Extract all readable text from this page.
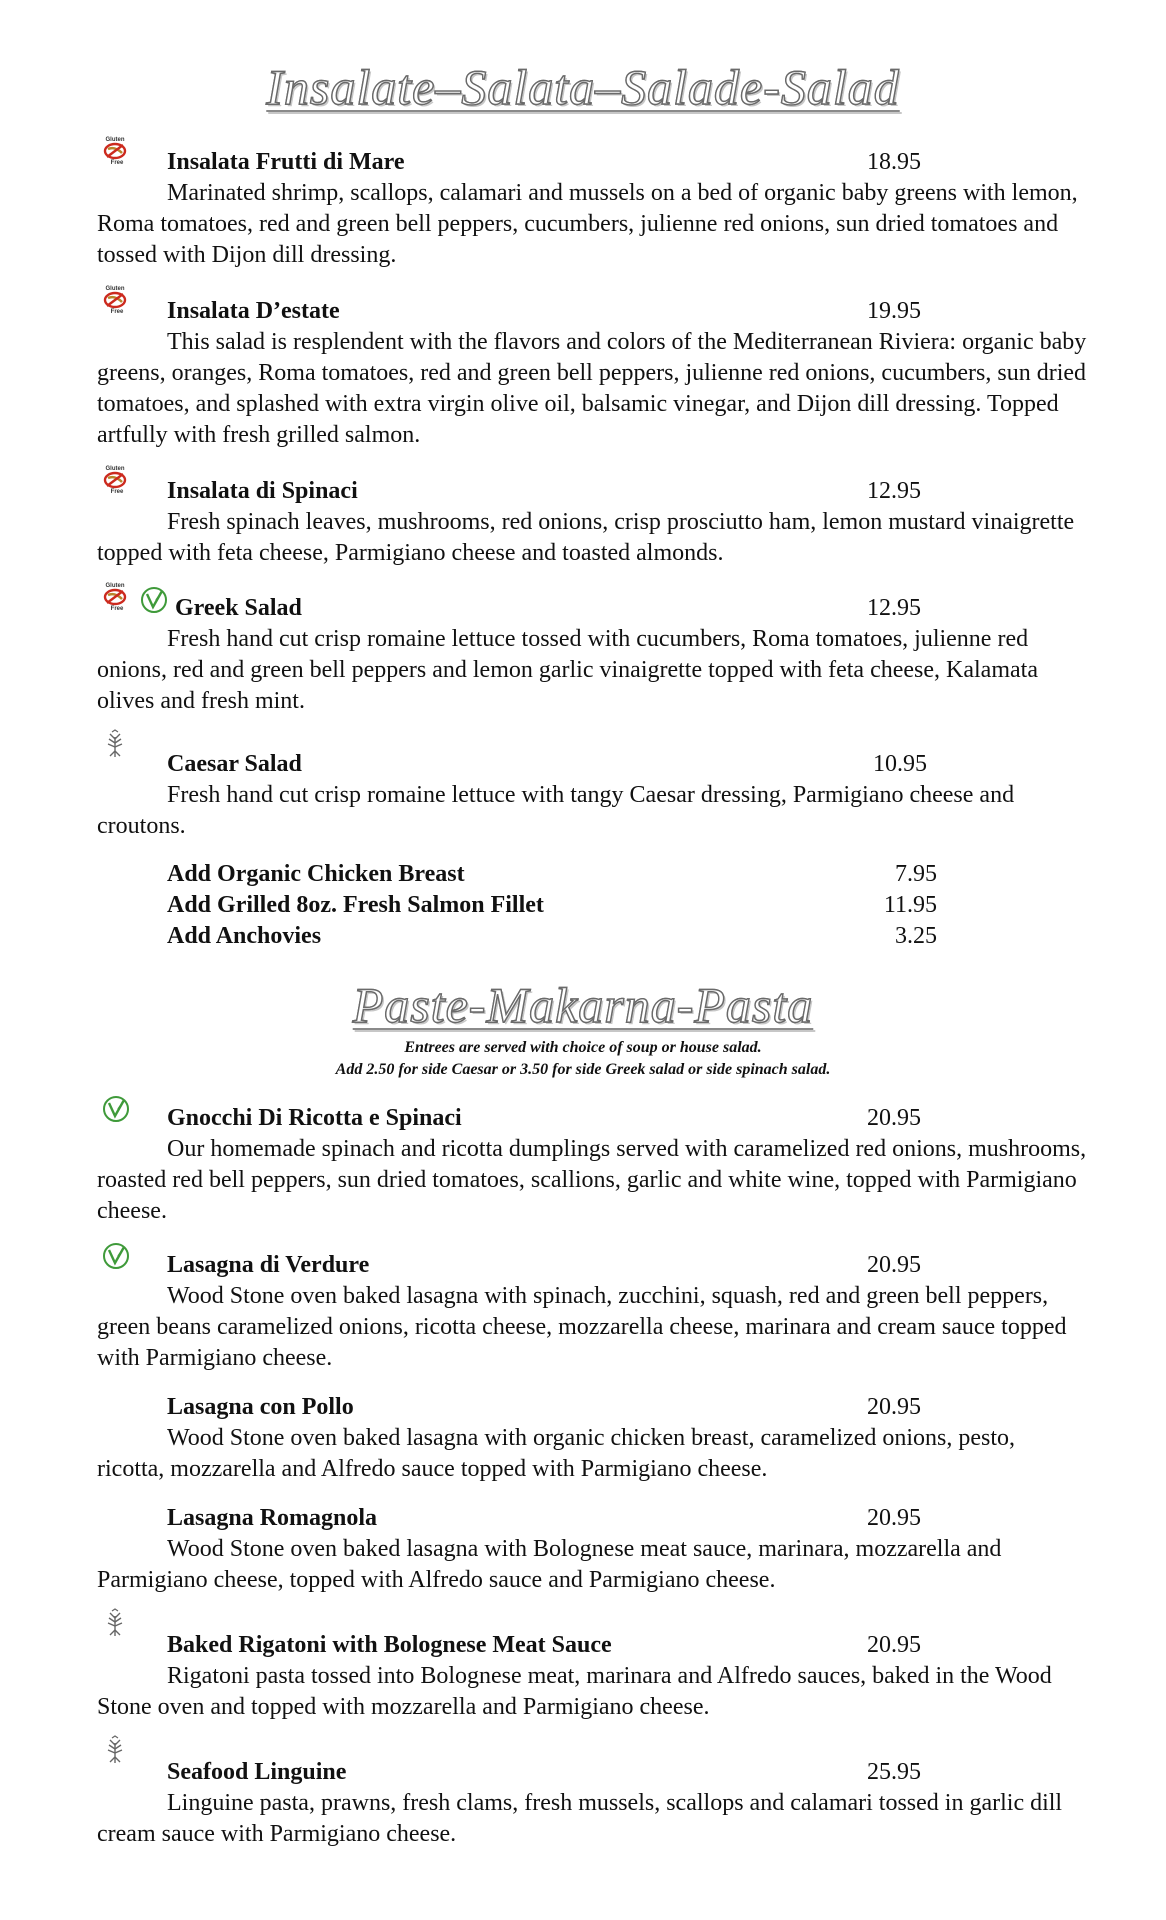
Insalate–Salata–Salade-Salad
Gluten
Free Insalata Frutti di Mare	18.95

Marinated shrimp, scallops, calamari and mussels on a bed of organic baby greens with lemon, Roma tomatoes, red and green bell peppers, cucumbers, julienne red onions, sun dried tomatoes and tossed with Dijon dill dressing.

Gluten
Free Insalata D’estate	19.95

This salad is resplendent with the flavors and colors of the Mediterranean Riviera: organic baby greens, oranges, Roma tomatoes, red and green bell peppers, julienne red onions, cucumbers, sun dried tomatoes, and splashed with extra virgin olive oil, balsamic vinegar, and Dijon dill dressing. Topped artfully with fresh grilled salmon.

Gluten
Free Insalata di Spinaci	12.95

Fresh spinach leaves, mushrooms, red onions, crisp prosciutto ham, lemon mustard vinaigrette topped with feta cheese, Parmigiano cheese and toasted almonds.

Gluten
Free Greek Salad	12.95

Fresh hand cut crisp romaine lettuce tossed with cucumbers, Roma tomatoes, julienne red onions, red and green bell peppers and lemon garlic vinaigrette topped with feta cheese, Kalamata olives and fresh mint.

Caesar Salad	10.95

Fresh hand cut crisp romaine lettuce with tangy Caesar dressing, Parmigiano cheese and croutons.

Add Organic Chicken Breast	7.95
Add Grilled 8oz. Fresh Salmon Fillet	11.95
Add Anchovies	3.25
Paste-Makarna-Pasta
Entrees are served with choice of soup or house salad.
Add 2.50 for side Caesar or 3.50 for side Greek salad or side spinach salad.
Gnocchi Di Ricotta e Spinaci	20.95

Our homemade spinach and ricotta dumplings served with caramelized red onions, mushrooms, roasted red bell peppers, sun dried tomatoes, scallions, garlic and white wine, topped with Parmigiano cheese.

Lasagna di Verdure	20.95

Wood Stone oven baked lasagna with spinach, zucchini, squash, red and green bell peppers, green beans caramelized onions, ricotta cheese, mozzarella cheese, marinara and cream sauce topped with Parmigiano cheese.

Lasagna con Pollo	20.95

Wood Stone oven baked lasagna with organic chicken breast, caramelized onions, pesto, ricotta, mozzarella and Alfredo sauce topped with Parmigiano cheese.

Lasagna Romagnola	20.95

Wood Stone oven baked lasagna with Bolognese meat sauce, marinara, mozzarella and Parmigiano cheese, topped with Alfredo sauce and Parmigiano cheese.

Baked Rigatoni with Bolognese Meat Sauce	20.95

Rigatoni pasta tossed into Bolognese meat, marinara and Alfredo sauces, baked in the Wood Stone oven and topped with mozzarella and Parmigiano cheese.

Seafood Linguine	25.95

Linguine pasta, prawns, fresh clams, fresh mussels, scallops and calamari tossed in garlic dill cream sauce with Parmigiano cheese.
